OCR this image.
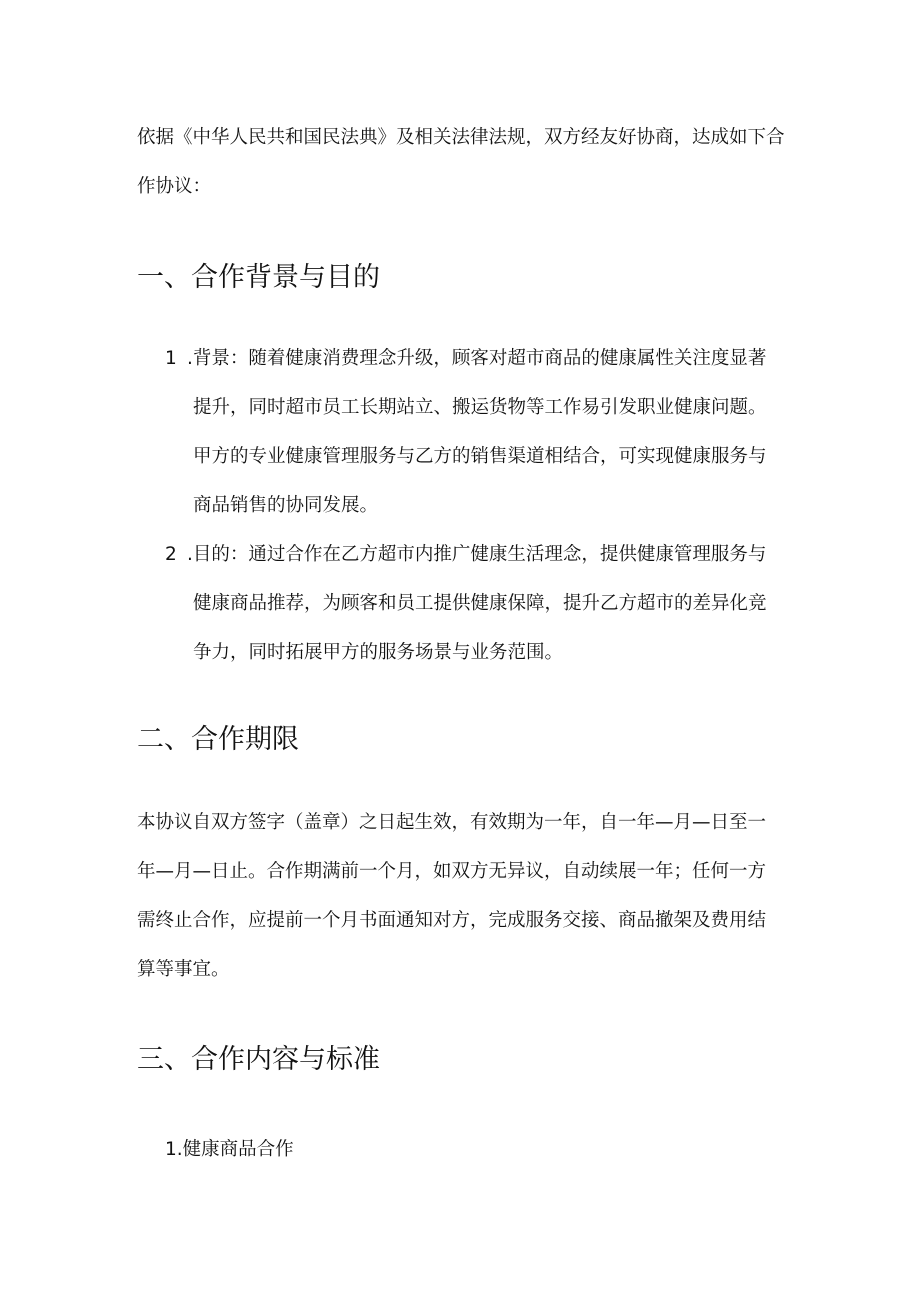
依据《中华人民共和国民法典》及相关法律法规，双方经友好协商，达成如下合

作协议：

一、合作背景与目的
1 .背景：随着健康消费理念升级，顾客对超市商品的健康属性关注度显著

提升，同时超市员工长期站立、搬运货物等工作易引发职业健康问题。

甲方的专业健康管理服务与乙方的销售渠道相结合，可实现健康服务与

商品销售的协同发展。

2 .目的：通过合作在乙方超市内推广健康生活理念，提供健康管理服务与

健康商品推荐，为顾客和员工提供健康保障，提升乙方超市的差异化竞

争力，同时拓展甲方的服务场景与业务范围。

二、合作期限

本协议自双方签字（盖章）之日起生效，有效期为一年，自一年—月—日至一

年—月—日止。合作期满前一个月，如双方无异议，自动续展一年；任何一方

需终止合作，应提前一个月书面通知对方，完成服务交接、商品撤架及费用结

算等事宜。

三、合作内容与标准

1.健康商品合作
